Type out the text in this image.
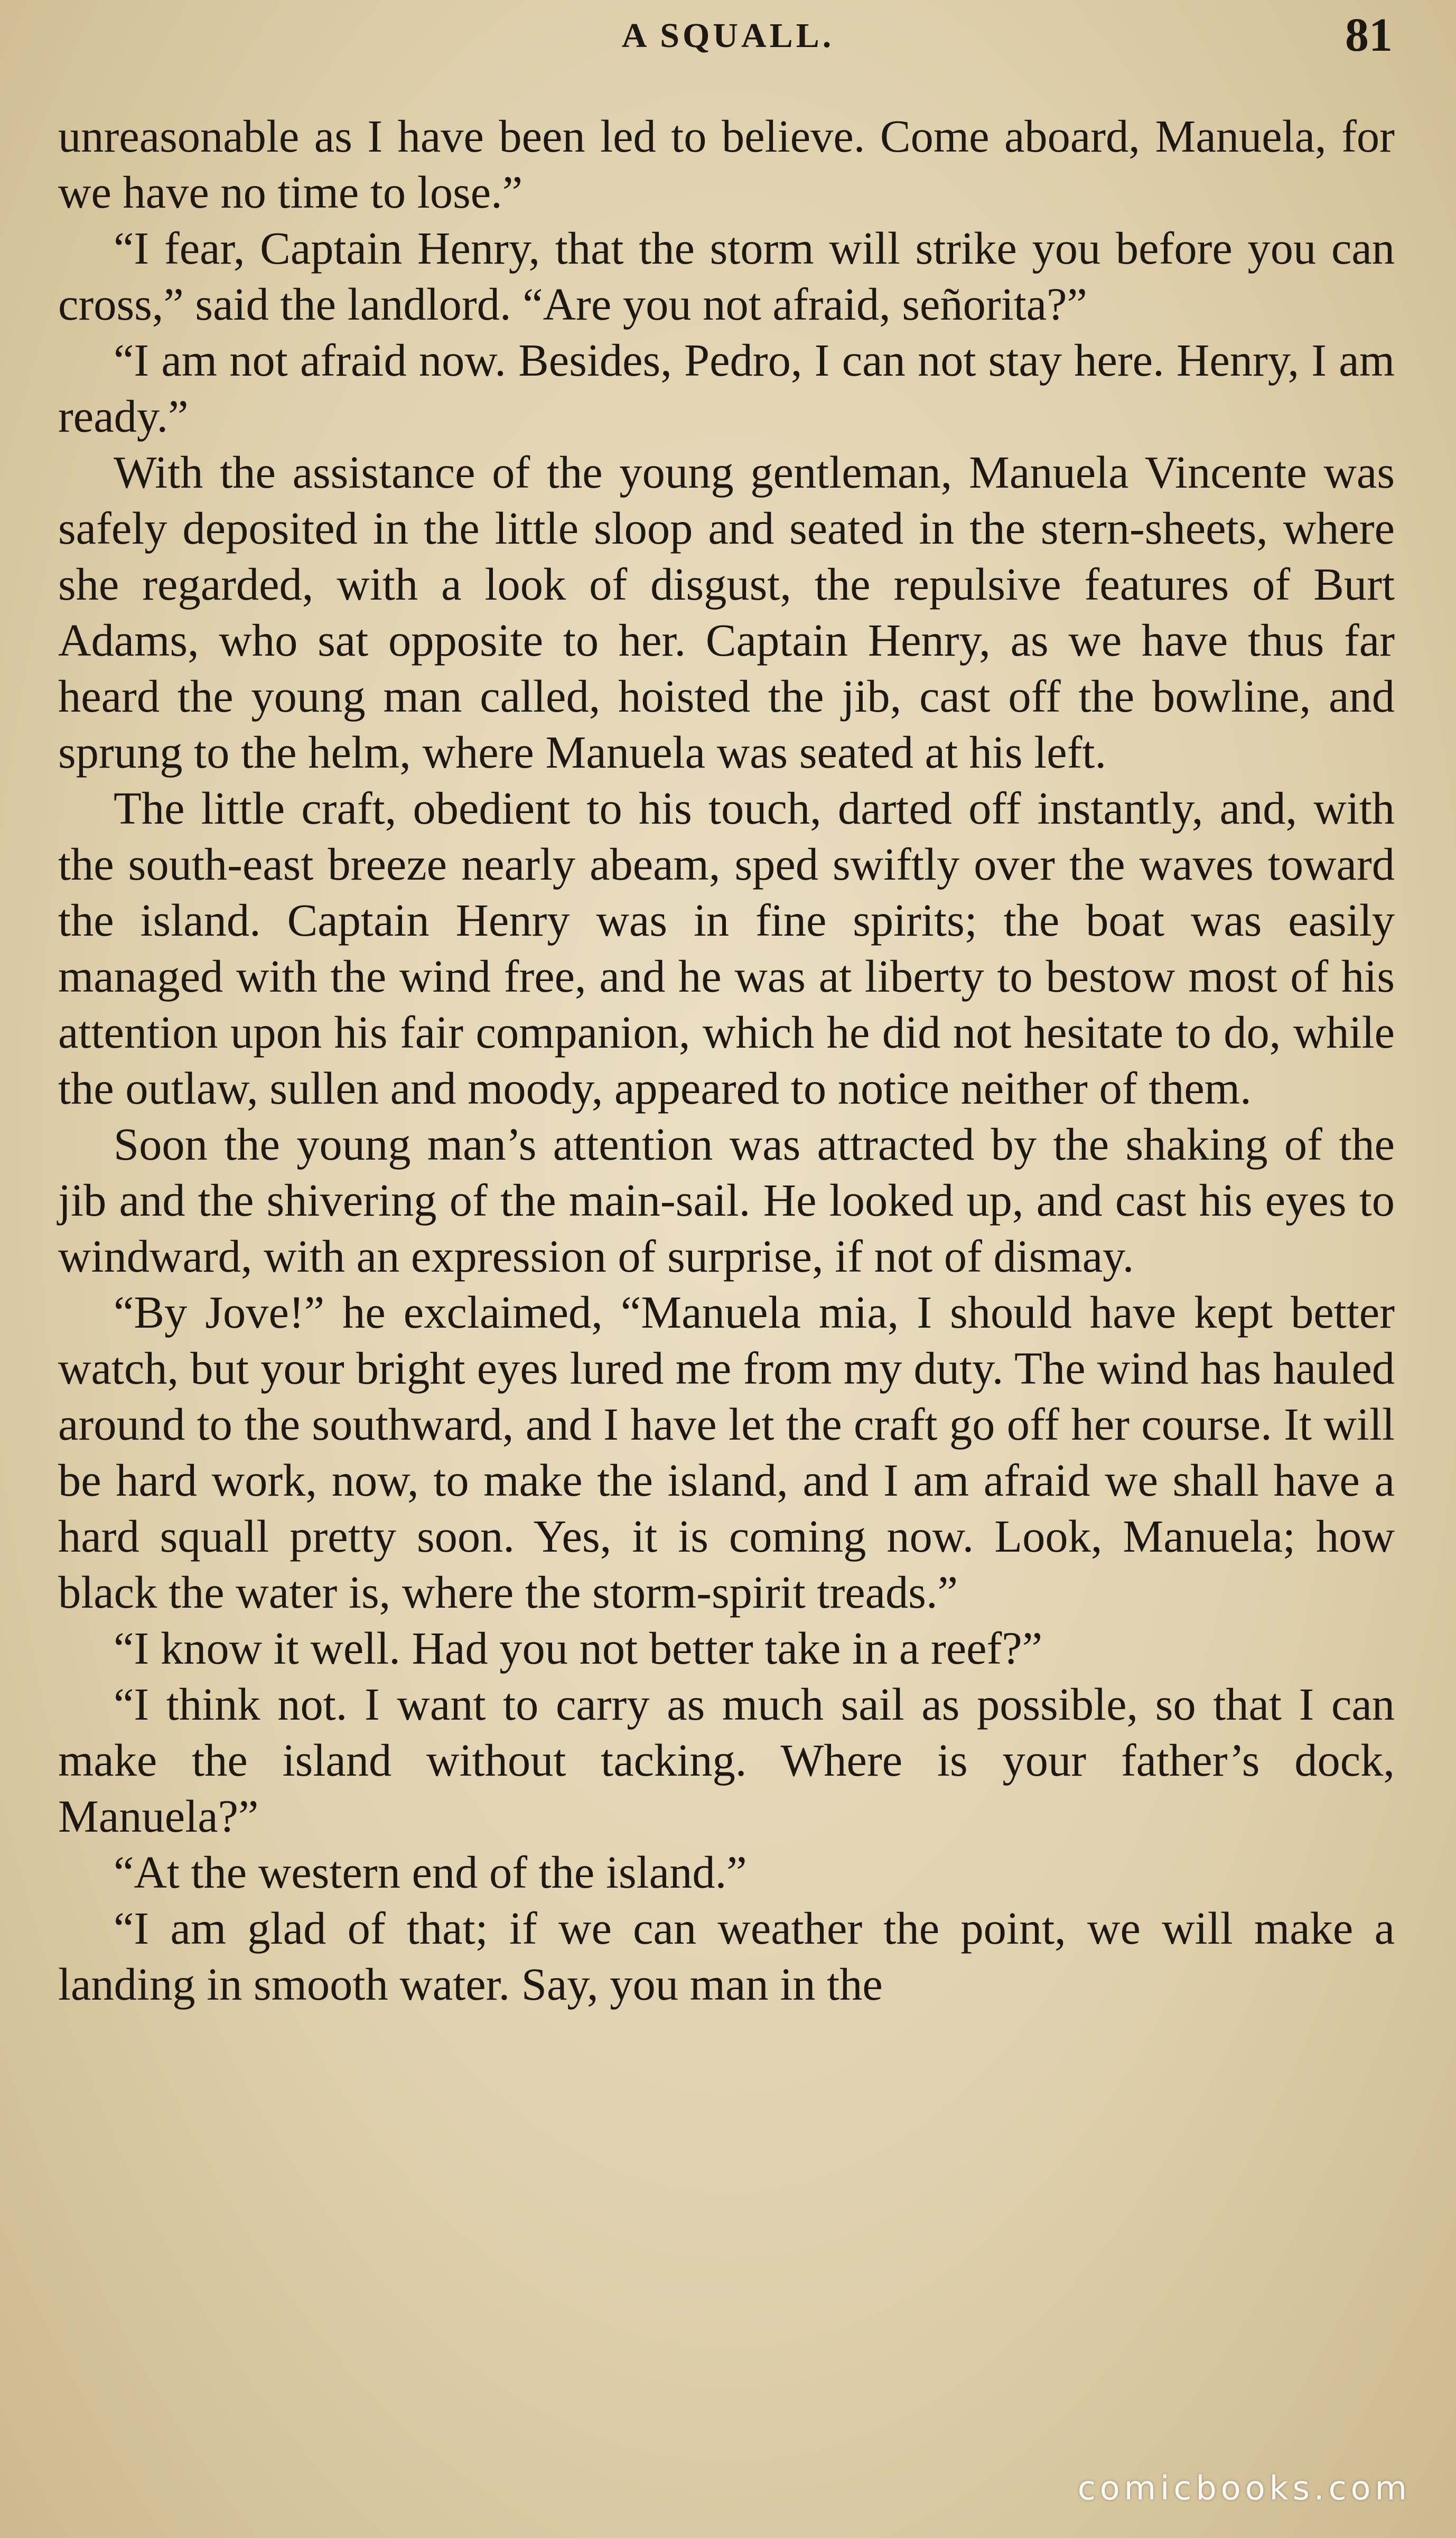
A SQUALL.	81

unreasonable as I have been led to believe. Come aboard, Manuela, for we have no time to lose.”

“I fear, Captain Henry, that the storm will strike you before you can cross,” said the landlord. “Are you not afraid, señorita?”

“I am not afraid now. Besides, Pedro, I can not stay here. Henry, I am ready.”

With the assistance of the young gentleman, Manuela Vincente was safely deposited in the little sloop and seated in the stern-sheets, where she regarded, with a look of disgust, the repulsive features of Burt Adams, who sat opposite to her. Captain Henry, as we have thus far heard the young man called, hoisted the jib, cast off the bowline, and sprung to the helm, where Manuela was seated at his left.

The little craft, obedient to his touch, darted off instantly, and, with the south-east breeze nearly abeam, sped swiftly over the waves toward the island. Captain Henry was in fine spirits; the boat was easily managed with the wind free, and he was at liberty to bestow most of his attention upon his fair companion, which he did not hesitate to do, while the outlaw, sullen and moody, appeared to notice neither of them.

Soon the young man’s attention was attracted by the shaking of the jib and the shivering of the main-sail. He looked up, and cast his eyes to windward, with an expression of surprise, if not of dismay.

“By Jove!” he exclaimed, “Manuela mia, I should have kept better watch, but your bright eyes lured me from my duty. The wind has hauled around to the southward, and I have let the craft go off her course. It will be hard work, now, to make the island, and I am afraid we shall have a hard squall pretty soon. Yes, it is coming now. Look, Manuela; how black the water is, where the storm-spirit treads.”

“I know it well. Had you not better take in a reef?”

“I think not. I want to carry as much sail as possible, so that I can make the island without tacking. Where is your father’s dock, Manuela?”

“At the western end of the island.”

“I am glad of that; if we can weather the point, we will make a landing in smooth water. Say, you man in the

comicbooks.com
